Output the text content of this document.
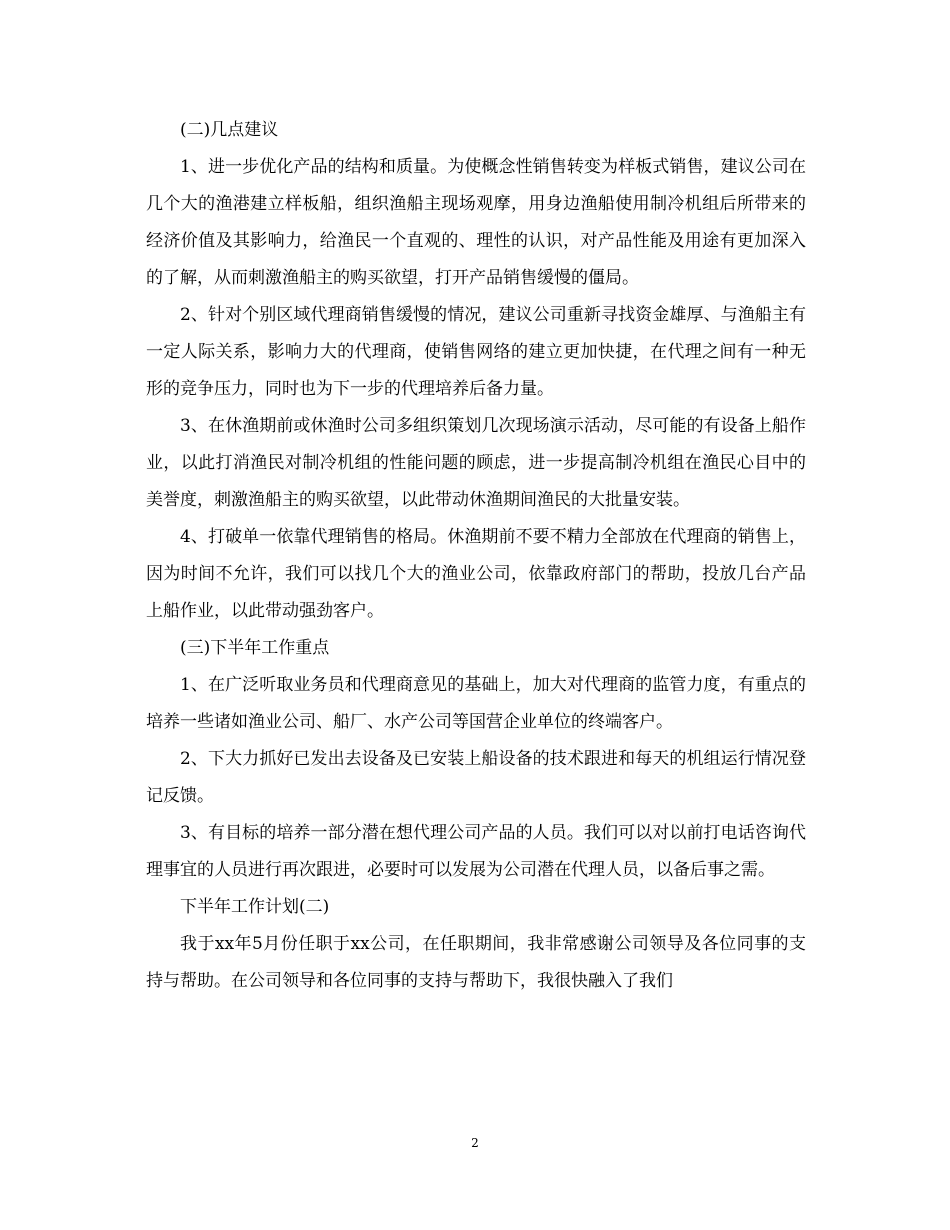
(二)几点建议

1、进一步优化产品的结构和质量。为使概念性销售转变为样板式销售，建议公司在几个大的渔港建立样板船，组织渔船主现场观摩，用身边渔船使用制冷机组后所带来的经济价值及其影响力，给渔民一个直观的、理性的认识，对产品性能及用途有更加深入的了解，从而刺激渔船主的购买欲望，打开产品销售缓慢的僵局。

2、针对个别区域代理商销售缓慢的情况，建议公司重新寻找资金雄厚、与渔船主有一定人际关系，影响力大的代理商，使销售网络的建立更加快捷，在代理之间有一种无形的竞争压力，同时也为下一步的代理培养后备力量。

3、在休渔期前或休渔时公司多组织策划几次现场演示活动，尽可能的有设备上船作业，以此打消渔民对制冷机组的性能问题的顾虑，进一步提高制冷机组在渔民心目中的美誉度，刺激渔船主的购买欲望，以此带动休渔期间渔民的大批量安装。

4、打破单一依靠代理销售的格局。休渔期前不要不精力全部放在代理商的销售上，因为时间不允许，我们可以找几个大的渔业公司，依靠政府部门的帮助，投放几台产品上船作业，以此带动强劲客户。

(三)下半年工作重点

1、在广泛听取业务员和代理商意见的基础上，加大对代理商的监管力度，有重点的培养一些诸如渔业公司、船厂、水产公司等国营企业单位的终端客户。

2、下大力抓好已发出去设备及已安装上船设备的技术跟进和每天的机组运行情况登记反馈。

3、有目标的培养一部分潜在想代理公司产品的人员。我们可以对以前打电话咨询代理事宜的人员进行再次跟进，必要时可以发展为公司潜在代理人员，以备后事之需。

下半年工作计划(二)

我于xx年5月份任职于xx公司，在任职期间，我非常感谢公司领导及各位同事的支持与帮助。在公司领导和各位同事的支持与帮助下，我很快融入了我们

2
